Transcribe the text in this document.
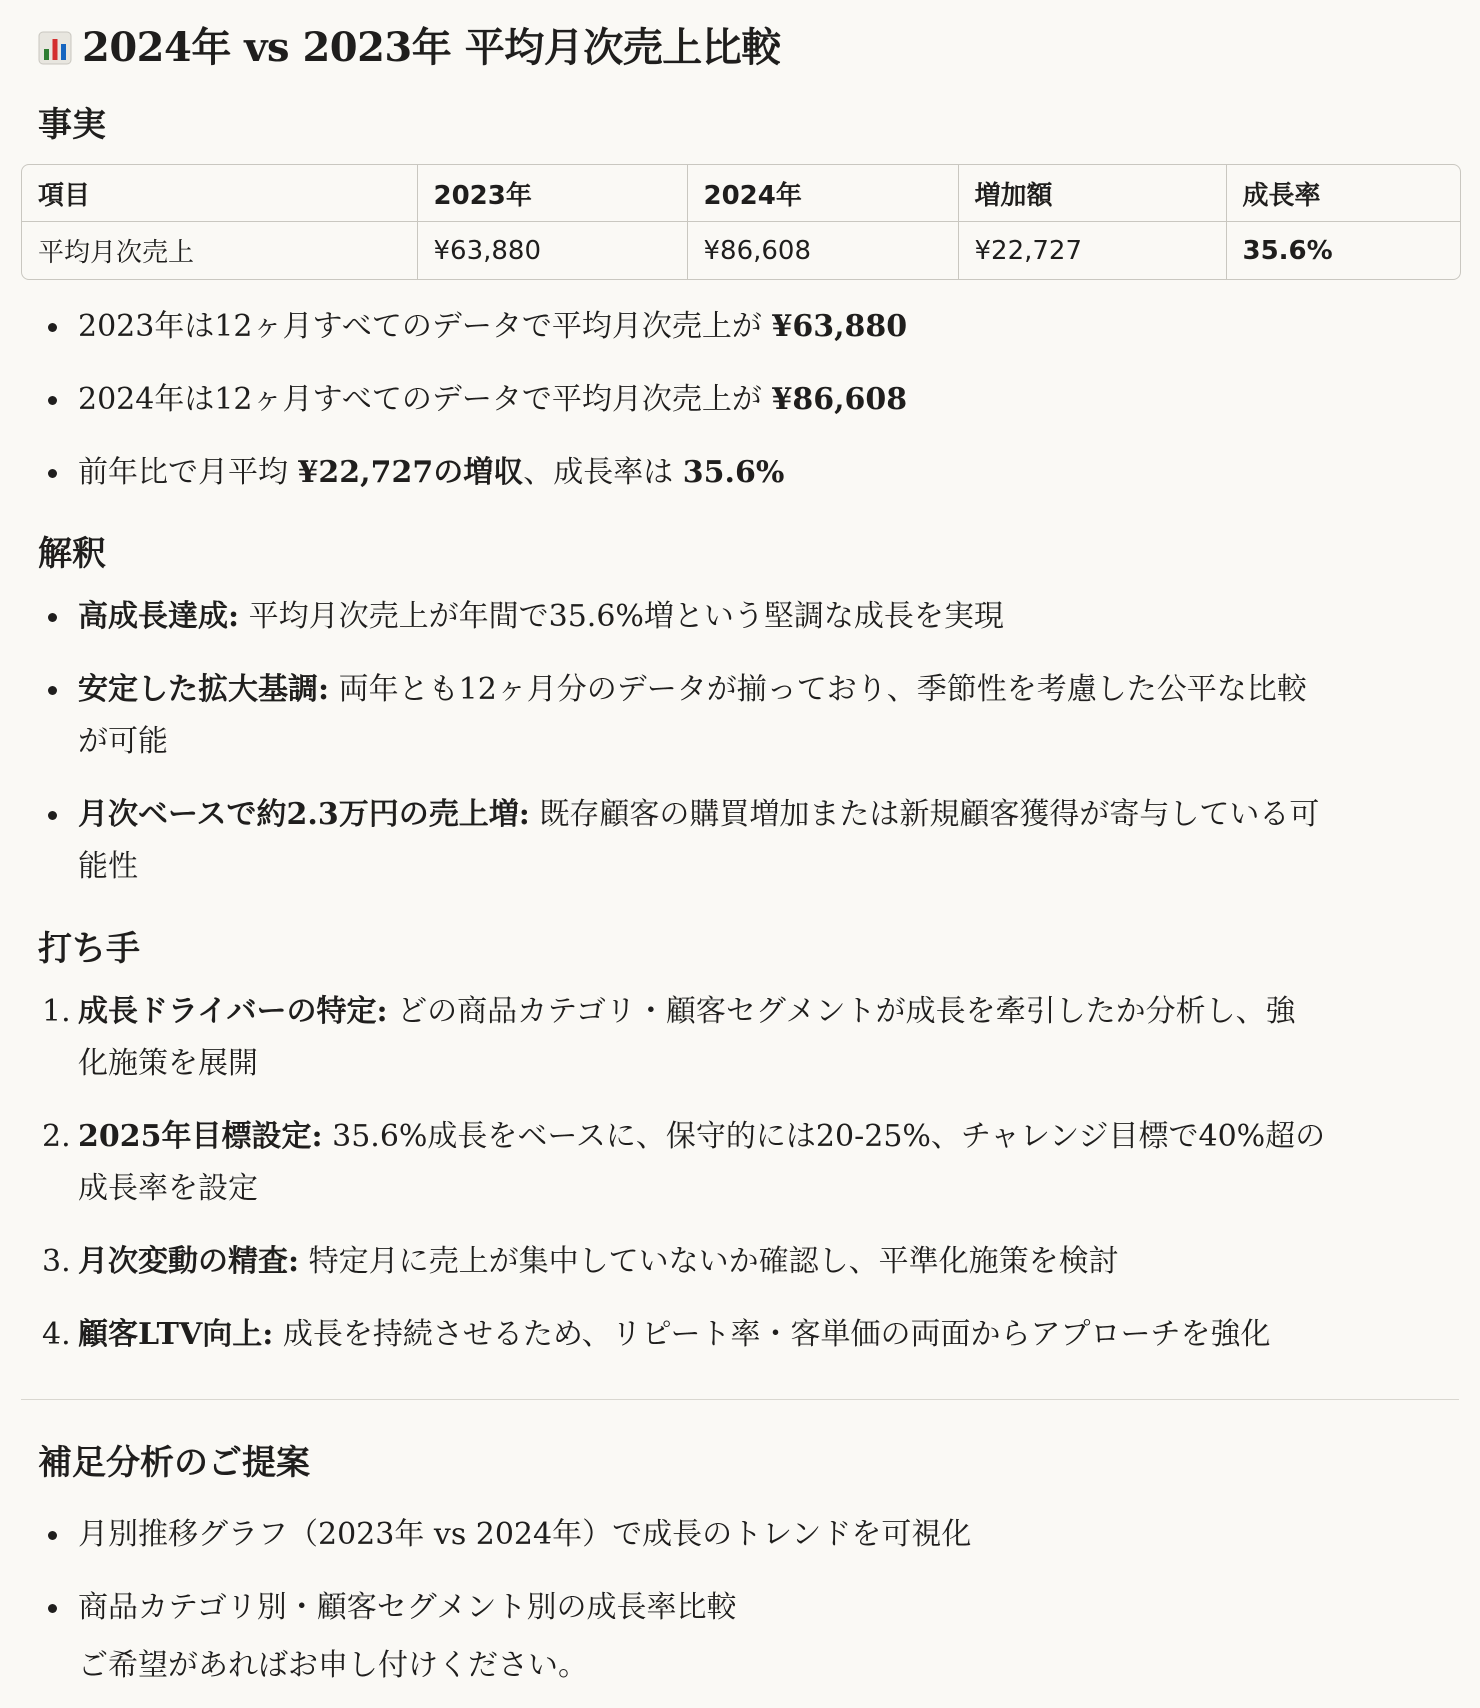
2024年 vs 2023年 平均月次売上比較
事実
項目	2023年	2024年	増加額	成長率
平均月次売上	¥63,880	¥86,608	¥22,727	35.6%
2023年は12ヶ月すべてのデータで平均月次売上が ¥63,880
2024年は12ヶ月すべてのデータで平均月次売上が ¥86,608
前年比で月平均 ¥22,727の増収、成長率は 35.6%
解釈
高成長達成: 平均月次売上が年間で35.6%増という堅調な成長を実現
安定した拡大基調: 両年とも12ヶ月分のデータが揃っており、季節性を考慮した公平な比較
が可能
月次ベースで約2.3万円の売上増: 既存顧客の購買増加または新規顧客獲得が寄与している可
能性
打ち手
1. 成長ドライバーの特定: どの商品カテゴリ・顧客セグメントが成長を牽引したか分析し、強
化施策を展開
2. 2025年目標設定: 35.6%成長をベースに、保守的には20-25%、チャレンジ目標で40%超の
成長率を設定
3. 月次変動の精査: 特定月に売上が集中していないか確認し、平準化施策を検討
4. 顧客LTV向上: 成長を持続させるため、リピート率・客単価の両面からアプローチを強化
補足分析のご提案
月別推移グラフ（2023年 vs 2024年）で成長のトレンドを可視化
商品カテゴリ別・顧客セグメント別の成長率比較
ご希望があればお申し付けください。
